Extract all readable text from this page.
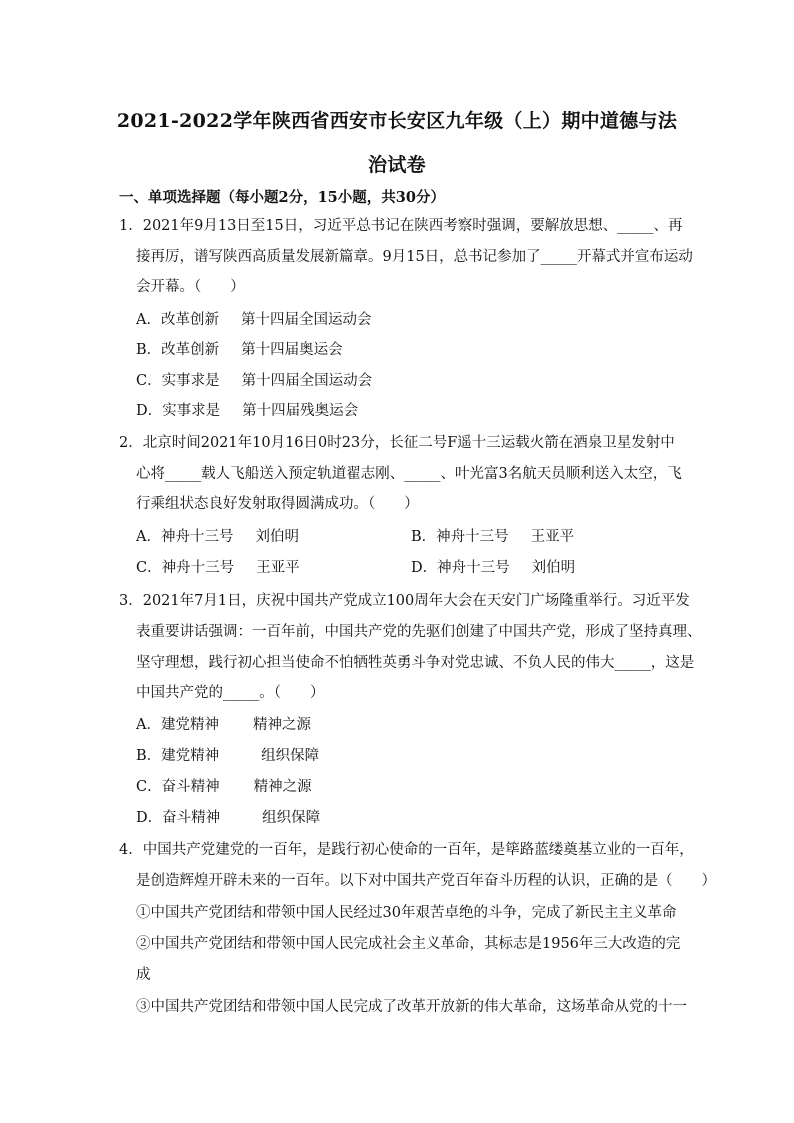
2021-2022学年陕西省西安市长安区九年级（上）期中道德与法
治试卷
一、单项选择题（每小题2分，15小题，共30分）
1．2021年9月13日至15日，习近平总书记在陕西考察时强调，要解放思想、_____、再
接再厉，谱写陕西高质量发展新篇章。9月15日，总书记参加了_____开幕式并宣布运动
会开幕。（　　）
A．改革创新 第十四届全国运动会
B．改革创新 第十四届奥运会
C．实事求是 第十四届全国运动会
D．实事求是 第十四届残奥运会
2．北京时间2021年10月16日0时23分，长征二号F遥十三运载火箭在酒泉卫星发射中
心将_____载人飞船送入预定轨道翟志刚、_____、叶光富3名航天员顺利送入太空，飞
行乘组状态良好发射取得圆满成功。（　　）
A．神舟十三号 刘伯明	B．神舟十三号 王亚平
C．神舟十三号 王亚平	D．神舟十三号 刘伯明
3．2021年7月1日，庆祝中国共产党成立100周年大会在天安门广场隆重举行。习近平发
表重要讲话强调：一百年前，中国共产党的先驱们创建了中国共产党，形成了坚持真理、
坚守理想，践行初心担当使命不怕牺牲英勇斗争对党忠诚、不负人民的伟大_____，这是
中国共产党的_____。（　　）
A．建党精神 精神之源
B．建党精神	组织保障
C．奋斗精神 精神之源
D．奋斗精神	组织保障
4．中国共产党建党的一百年，是践行初心使命的一百年，是筚路蓝缕奠基立业的一百年，
是创造辉煌开辟未来的一百年。以下对中国共产党百年奋斗历程的认识，正确的是（　　）
①中国共产党团结和带领中国人民经过30年艰苦卓绝的斗争，完成了新民主主义革命
②中国共产党团结和带领中国人民完成社会主义革命，其标志是1956年三大改造的完
成
③中国共产党团结和带领中国人民完成了改革开放新的伟大革命，这场革命从党的十一
